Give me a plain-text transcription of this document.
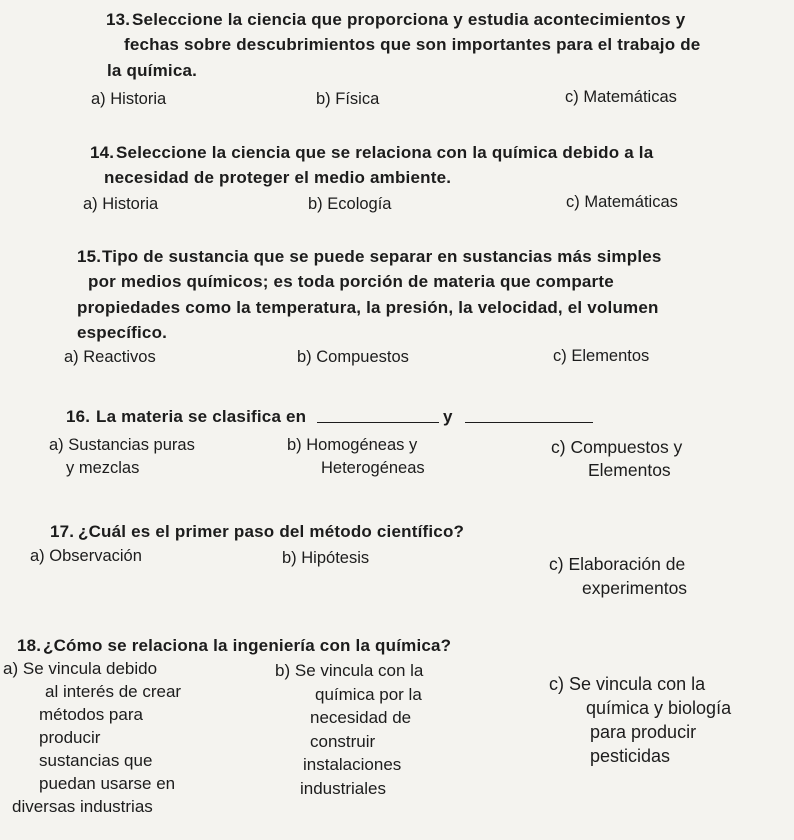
13. Seleccione la ciencia que proporciona y estudia acontecimientos y
fechas sobre descubrimientos que son importantes para el trabajo de
la química.
a) Historia	b) Física	c) Matemáticas
14. Seleccione la ciencia que se relaciona con la química debido a la
necesidad de proteger el medio ambiente.
a) Historia	b) Ecología	c) Matemáticas
15. Tipo de sustancia que se puede separar en sustancias más simples
por medios químicos; es toda porción de materia que comparte
propiedades como la temperatura, la presión, la velocidad, el volumen
específico.
a) Reactivos	b) Compuestos	c) Elementos
16. La materia se clasifica en	y
a) Sustancias puras
y mezclas
b) Homogéneas y
Heterogéneas
c) Compuestos y
Elementos
17. ¿Cuál es el primer paso del método científico?
a) Observación	b) Hipótesis	c) Elaboración de
experimentos
18. ¿Cómo se relaciona la ingeniería con la química?
a) Se vincula debido
al interés de crear
métodos para
producir
sustancias que
puedan usarse en
diversas industrias
b) Se vincula con la
química por la
necesidad de
construir
instalaciones
industriales
c) Se vincula con la
química y biología
para producir
pesticidas
